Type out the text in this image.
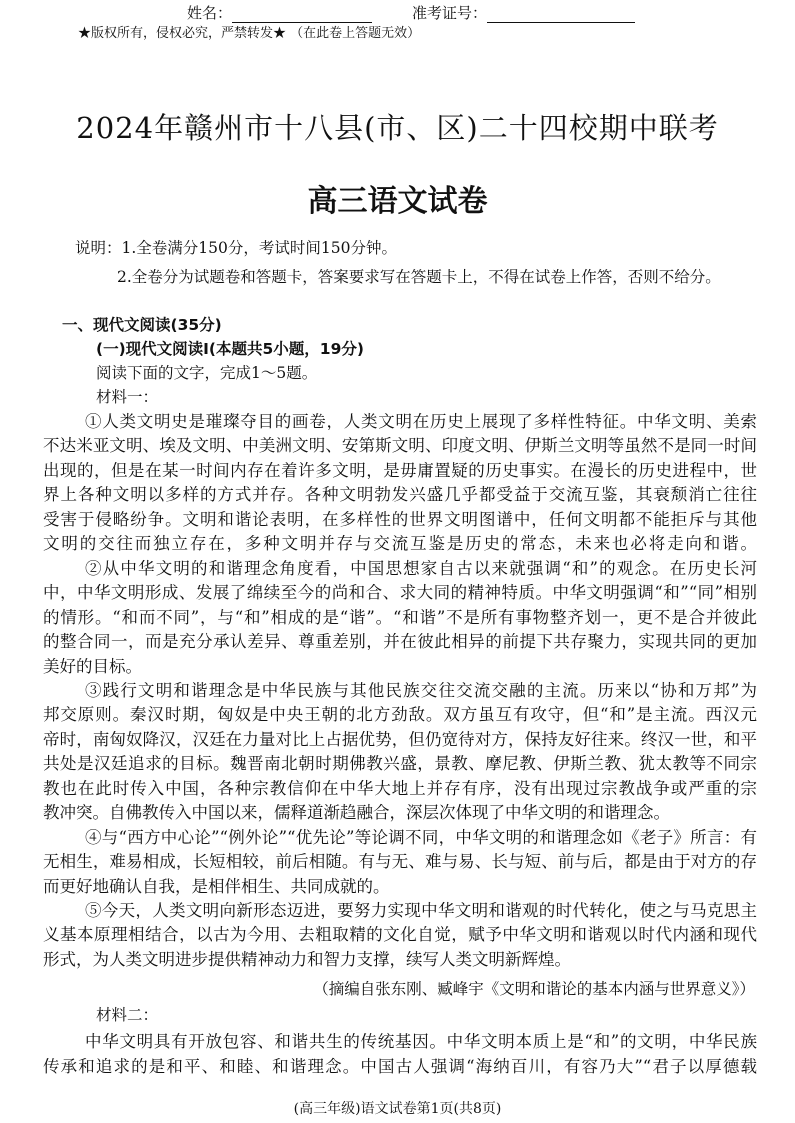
姓名：	准考证号：
★版权所有，侵权必究，严禁转发★ （在此卷上答题无效）
2024年赣州市十八县(市、区)二十四校期中联考
高三语文试卷
说明：1.全卷满分150分，考试时间150分钟。
2.全卷分为试题卷和答题卡，答案要求写在答题卡上，不得在试卷上作答，否则不给分。
一、现代文阅读(35分)
(一)现代文阅读Ⅰ(本题共5小题，19分)
阅读下面的文字，完成1～5题。
材料一：
①人类文明史是璀璨夺目的画卷，人类文明在历史上展现了多样性特征。中华文明、美索
不达米亚文明、埃及文明、中美洲文明、安第斯文明、印度文明、伊斯兰文明等虽然不是同一时间
出现的，但是在某一时间内存在着许多文明，是毋庸置疑的历史事实。在漫长的历史进程中，世
界上各种文明以多样的方式并存。各种文明勃发兴盛几乎都受益于交流互鉴，其衰颓消亡往往
受害于侵略纷争。文明和谐论表明，在多样性的世界文明图谱中，任何文明都不能拒斥与其他
文明的交往而独立存在，多种文明并存与交流互鉴是历史的常态，未来也必将走向和谐。
②从中华文明的和谐理念角度看，中国思想家自古以来就强调“和”的观念。在历史长河
中，中华文明形成、发展了绵续至今的尚和合、求大同的精神特质。中华文明强调“和”“同”相别
的情形。“和而不同”，与“和”相成的是“谐”。“和谐”不是所有事物整齐划一，更不是合并彼此
的整合同一，而是充分承认差异、尊重差别，并在彼此相异的前提下共存聚力，实现共同的更加
美好的目标。
③践行文明和谐理念是中华民族与其他民族交往交流交融的主流。历来以“协和万邦”为
邦交原则。秦汉时期，匈奴是中央王朝的北方劲敌。双方虽互有攻守，但“和”是主流。西汉元
帝时，南匈奴降汉，汉廷在力量对比上占据优势，但仍宽待对方，保持友好往来。终汉一世，和平
共处是汉廷追求的目标。魏晋南北朝时期佛教兴盛，景教、摩尼教、伊斯兰教、犹太教等不同宗
教也在此时传入中国，各种宗教信仰在中华大地上并存有序，没有出现过宗教战争或严重的宗
教冲突。自佛教传入中国以来，儒释道渐趋融合，深层次体现了中华文明的和谐理念。
④与“西方中心论”“例外论”“优先论”等论调不同，中华文明的和谐理念如《老子》所言：有
无相生，难易相成，长短相较，前后相随。有与无、难与易、长与短、前与后，都是由于对方的存
而更好地确认自我，是相伴相生、共同成就的。
⑤今天，人类文明向新形态迈进，要努力实现中华文明和谐观的时代转化，使之与马克思主
义基本原理相结合，以古为今用、去粗取精的文化自觉，赋予中华文明和谐观以时代内涵和现代
形式，为人类文明进步提供精神动力和智力支撑，续写人类文明新辉煌。
（摘编自张东刚、臧峰宇《文明和谐论的基本内涵与世界意义》）
材料二：
中华文明具有开放包容、和谐共生的传统基因。中华文明本质上是“和”的文明，中华民族
传承和追求的是和平、和睦、和谐理念。中国古人强调“海纳百川，有容乃大”“君子以厚德载
(高三年级)语文试卷第1页(共8页)
